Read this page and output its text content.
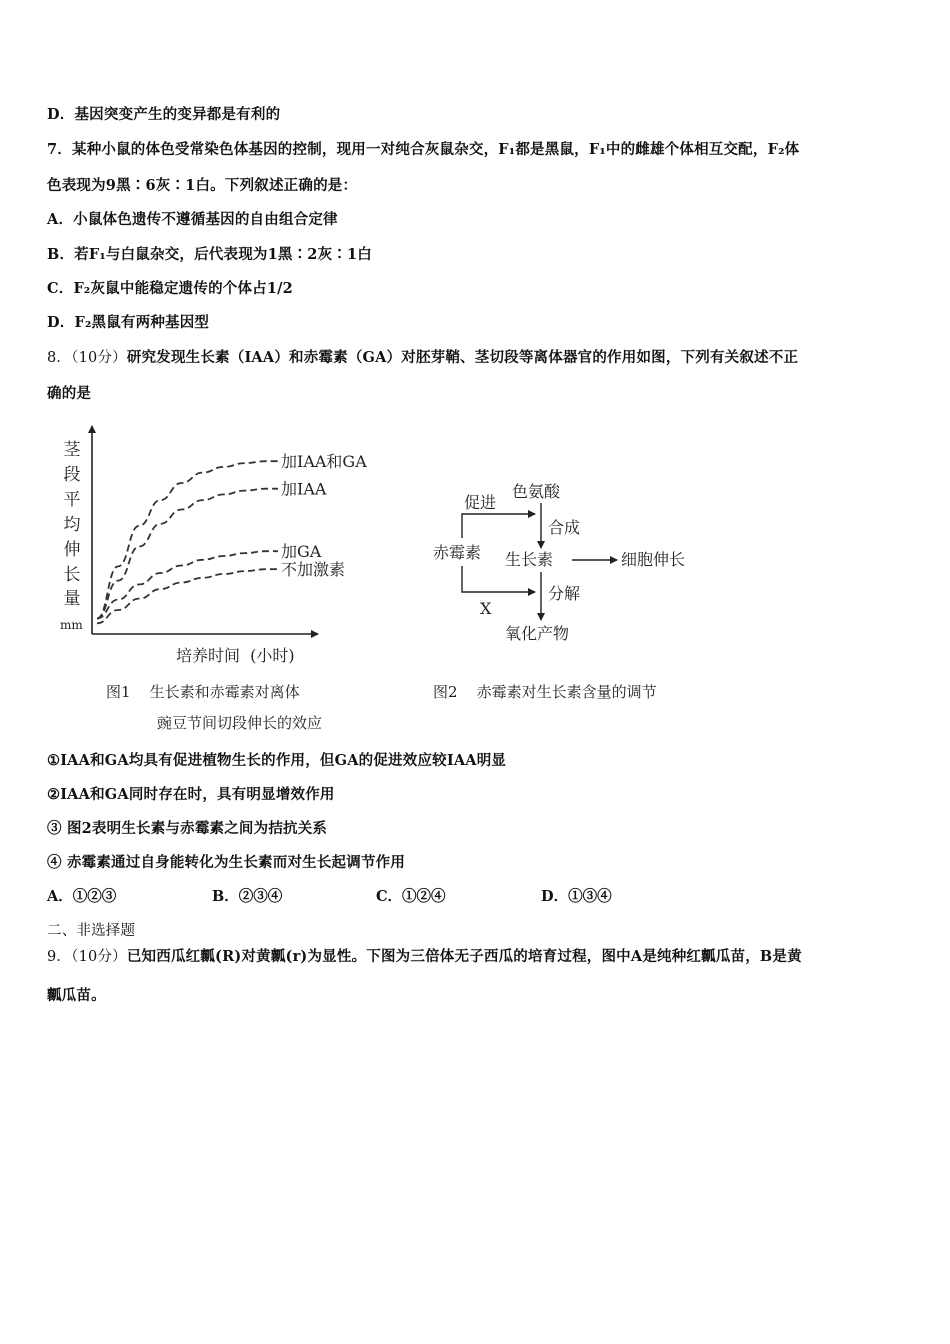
D．基因突变产生的变异都是有利的
7．某种小鼠的体色受常染色体基因的控制，现用一对纯合灰鼠杂交，F₁都是黑鼠，F₁中的雌雄个体相互交配，F₂体
色表现为9黑∶6灰∶1白。下列叙述正确的是：
A．小鼠体色遗传不遵循基因的自由组合定律
B．若F₁与白鼠杂交，后代表现为1黑∶2灰∶1白
C．F₂灰鼠中能稳定遗传的个体占1/2
D．F₂黑鼠有两种基因型
8．（10分）研究发现生长素（IAA）和赤霉素（GA）对胚芽鞘、茎切段等离体器官的作用如图，下列有关叙述不正
确的是
茎
段
平
均
伸
长
量
mm
培养时间  (小时)
加IAA和GA
加IAA
加GA
不加激素
图1    生长素和赤霉素对离体
豌豆节间切段伸长的效应
促进
色氨酸
合成
赤霉素 生长素	细胞伸长
分解
X
氧化产物
图2    赤霉素对生长素含量的调节
①IAA和GA均具有促进植物生长的作用，但GA的促进效应较IAA明显
②IAA和GA同时存在时，具有明显增效作用
③ 图2表明生长素与赤霉素之间为拮抗关系
④ 赤霉素通过自身能转化为生长素而对生长起调节作用
A．①②③	B．②③④	C．①②④	D．①③④
二、非选择题
9．（10分）已知西瓜红瓤(R)对黄瓤(r)为显性。下图为三倍体无子西瓜的培育过程，图中A是纯种红瓤瓜苗，B是黄
瓤瓜苗。
